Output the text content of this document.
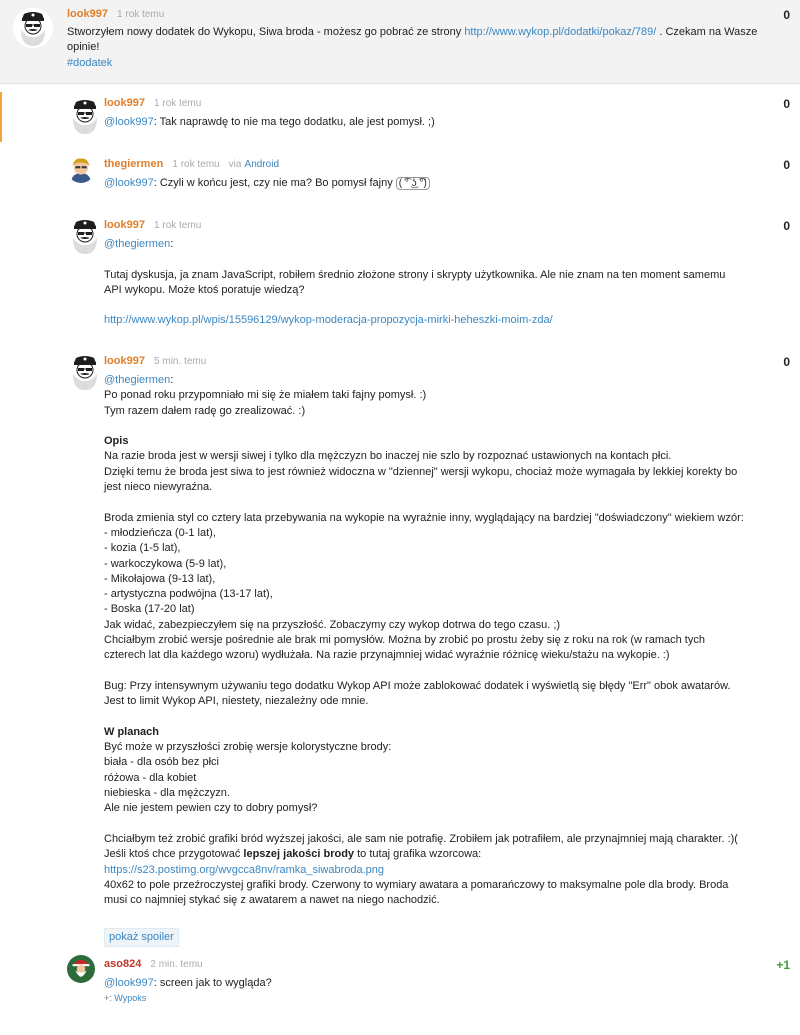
look997 1 rok temu	0
Stworzyłem nowy dodatek do Wykopu, Siwa broda - możesz go pobrać ze strony http://www.wykop.pl/dodatki/pokaz/789/ . Czekam na Wasze opinie!
#dodatek
look997 1 rok temu	0
@look997: Tak naprawdę to nie ma tego dodatku, ale jest pomysł. ;)
thegiermen 1 rok temu via Android	0
@look997: Czyli w końcu jest, czy nie ma? Bo pomysł fajny ( ͡° ͜ʖ ͡°)
look997 1 rok temu	0
@thegiermen:

Tutaj dyskusja, ja znam JavaScript, robiłem średnio złożone strony i skrypty użytkownika. Ale nie znam na ten moment samemu

API wykopu. Może ktoś poratuje wiedzą?

http://www.wykop.pl/wpis/15596129/wykop-moderacja-propozycja-mirki-heheszki-moim-zda/
look997 5 min. temu	0
@thegiermen:

Po ponad roku przypomniało mi się że miałem taki fajny pomysł. :)

Tym razem dałem radę go zrealizować. :)

Opis

Na razie broda jest w wersji siwej i tylko dla mężczyzn bo inaczej nie szlo by rozpoznać ustawionych na kontach płci.

Dzięki temu że broda jest siwa to jest również widoczna w "dziennej" wersji wykopu, chociaż może wymagała by lekkiej korekty bo

jest nieco niewyraźna.

Broda zmienia styl co cztery lata przebywania na wykopie na wyraźnie inny, wyglądający na bardziej "doświadczony" wiekiem wzór:

- młodzieńcza (0-1 lat),

- kozia (1-5 lat),

- warkoczykowa (5-9 lat),

- Mikołajowa (9-13 lat),

- artystyczna podwójna (13-17 lat),

- Boska (17-20 lat)

Jak widać, zabezpieczyłem się na przyszłość. Zobaczymy czy wykop dotrwa do tego czasu. ;)

Chciałbym zrobić wersje pośrednie ale brak mi pomysłów. Można by zrobić po prostu żeby się z roku na rok (w ramach tych

czterech lat dla każdego wzoru) wydłużała. Na razie przynajmniej widać wyraźnie różnicę wieku/stażu na wykopie. :)

Bug: Przy intensywnym używaniu tego dodatku Wykop API może zablokować dodatek i wyświetlą się błędy "Err" obok awatarów.

Jest to limit Wykop API, niestety, niezależny ode mnie.

W planach

Być może w przyszłości zrobię wersje kolorystyczne brody:

biała - dla osób bez płci

różowa - dla kobiet

niebieska - dla mężczyzn.

Ale nie jestem pewien czy to dobry pomysł?

Chciałbym też zrobić grafiki bród wyższej jakości, ale sam nie potrafię. Zrobiłem jak potrafiłem, ale przynajmniej mają charakter. :)(

Jeśli ktoś chce przygotować lepszej jakości brody to tutaj grafika wzorcowa:

https://s23.postimg.org/wvgcca8nv/ramka_siwabroda.png

40x62 to pole przeźroczystej grafiki brody. Czerwony to wymiary awatara a pomarańczowy to maksymalne pole dla brody. Broda

musi co najmniej stykać się z awatarem a nawet na niego nachodzić.

pokaż spoiler
aso824 2 min. temu	+1
@look997: screen jak to wygląda?
+: Wypoks
